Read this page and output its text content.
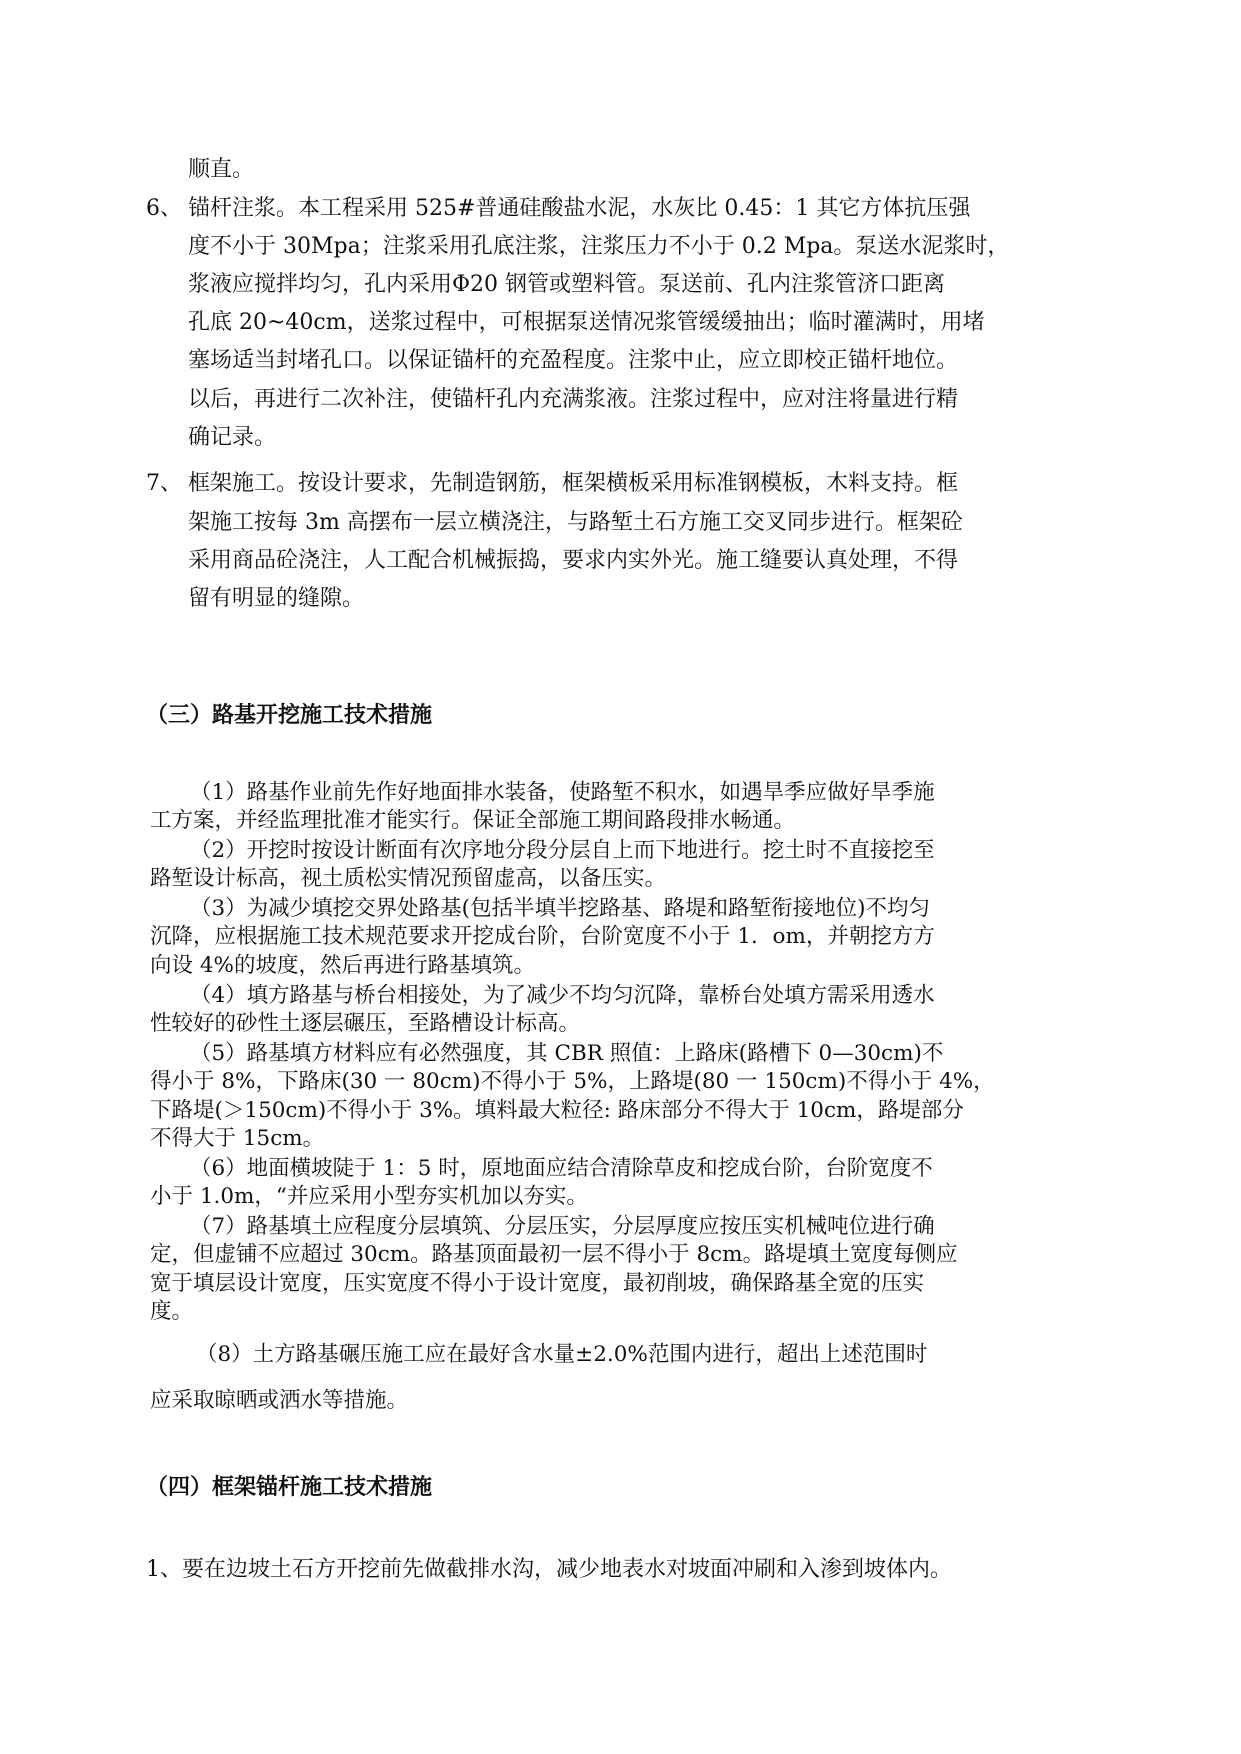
顺直。
6、 锚杆注浆。本工程采用 525#普通硅酸盐水泥，水灰比 0.45：1 其它方体抗压强
度不小于 30Mpa；注浆采用孔底注浆，注浆压力不小于 0.2 Mpa。泵送水泥浆时，
浆液应搅拌均匀，孔内采用Φ20 钢管或塑料管。泵送前、孔内注浆管济口距离
孔底 20~40cm，送浆过程中，可根据泵送情况浆管缓缓抽出；临时灌满时，用堵
塞场适当封堵孔口。以保证锚杆的充盈程度。注浆中止，应立即校正锚杆地位。
以后，再进行二次补注，使锚杆孔内充满浆液。注浆过程中，应对注将量进行精
确记录。
7、 框架施工。按设计要求，先制造钢筋，框架横板采用标准钢模板，木料支持。框
架施工按每 3m 高摆布一层立横浇注，与路堑土石方施工交叉同步进行。框架砼
采用商品砼浇注，人工配合机械振捣，要求内实外光。施工缝要认真处理，不得
留有明显的缝隙。
（三）路基开挖施工技术措施
（1）路基作业前先作好地面排水装备，使路堑不积水，如遇旱季应做好旱季施
工方案，并经监理批准才能实行。保证全部施工期间路段排水畅通。
（2）开挖时按设计断面有次序地分段分层自上而下地进行。挖土时不直接挖至
路堑设计标高，视土质松实情况预留虚高，以备压实。
（3）为减少填挖交界处路基(包括半填半挖路基、路堤和路堑衔接地位)不均匀
沉降，应根据施工技术规范要求开挖成台阶，台阶宽度不小于 1．om，并朝挖方方
向设 4%的坡度，然后再进行路基填筑。
（4）填方路基与桥台相接处，为了减少不均匀沉降，靠桥台处填方需采用透水
性较好的砂性土逐层碾压，至路槽设计标高。
（5）路基填方材料应有必然强度，其 CBR 照值：上路床(路槽下 0—30cm)不
得小于 8%，下路床(30 一 80cm)不得小于 5%，上路堤(80 一 150cm)不得小于 4%，
下路堤(＞150cm)不得小于 3%。填料最大粒径: 路床部分不得大于 10cm，路堤部分
不得大于 15cm。
（6）地面横坡陡于 1：5 时，原地面应结合清除草皮和挖成台阶，台阶宽度不
小于 1.0m，“并应采用小型夯实机加以夯实。
（7）路基填土应程度分层填筑、分层压实，分层厚度应按压实机械吨位进行确
定，但虚铺不应超过 30cm。路基顶面最初一层不得小于 8cm。路堤填土宽度每侧应
宽于填层设计宽度，压实宽度不得小于设计宽度，最初削坡，确保路基全宽的压实
度。
（8）土方路基碾压施工应在最好含水量±2.0%范围内进行，超出上述范围时
应采取晾晒或洒水等措施。
（四）框架锚杆施工技术措施
1、要在边坡土石方开挖前先做截排水沟，减少地表水对坡面冲刷和入渗到坡体内。
